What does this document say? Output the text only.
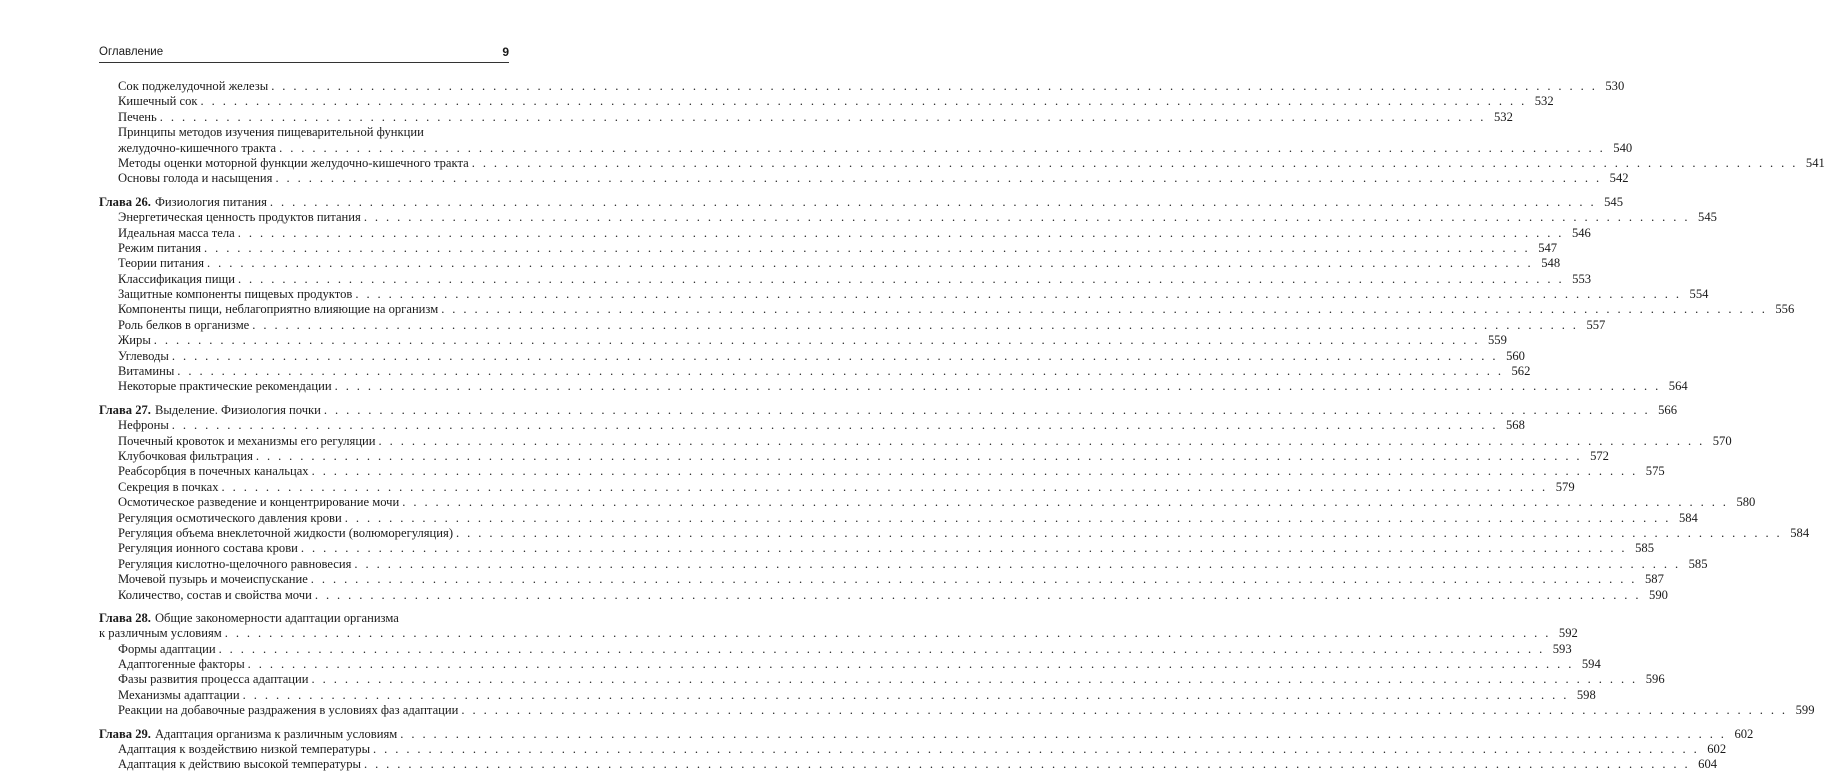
Оглавление	9
Сок поджелудочной железы . . . . . . . . . . . . . . . . . . . . . . . . . . . . . . . . . . . . . . . . . . . . . . . . . . . . . . . . . . . . . . . . . . . . . . . . . . . . . . . . . . . . . . . . . . . . . . . . . . . . . . . . . . . . . . . . . . . . . . . . 530
Кишечный сок . . . . . . . . . . . . . . . . . . . . . . . . . . . . . . . . . . . . . . . . . . . . . . . . . . . . . . . . . . . . . . . . . . . . . . . . . . . . . . . . . . . . . . . . . . . . . . . . . . . . . . . . . . . . . . . . . . . . . . . . 532
Печень . . . . . . . . . . . . . . . . . . . . . . . . . . . . . . . . . . . . . . . . . . . . . . . . . . . . . . . . . . . . . . . . . . . . . . . . . . . . . . . . . . . . . . . . . . . . . . . . . . . . . . . . . . . . . . . . . . . . . . . . 532
Принципы методов изучения пищеварительной функции
желудочно-кишечного тракта . . . . . . . . . . . . . . . . . . . . . . . . . . . . . . . . . . . . . . . . . . . . . . . . . . . . . . . . . . . . . . . . . . . . . . . . . . . . . . . . . . . . . . . . . . . . . . . . . . . . . . . . . . . . . . . . . . . . . . . . 540
Методы оценки моторной функции желудочно-кишечного тракта . . . . . . . . . . . . . . . . . . . . . . . . . . . . . . . . . . . . . . . . . . . . . . . . . . . . . . . . . . . . . . . . . . . . . . . . . . . . . . . . . . . . . . . . . . . . . . . . . . . . . . . . . . . . . . . . . . . . . . . . 541
Основы голода и насыщения . . . . . . . . . . . . . . . . . . . . . . . . . . . . . . . . . . . . . . . . . . . . . . . . . . . . . . . . . . . . . . . . . . . . . . . . . . . . . . . . . . . . . . . . . . . . . . . . . . . . . . . . . . . . . . . . . . . . . . . . 542
Глава 26. Физиология питания . . . . . . . . . . . . . . . . . . . . . . . . . . . . . . . . . . . . . . . . . . . . . . . . . . . . . . . . . . . . . . . . . . . . . . . . . . . . . . . . . . . . . . . . . . . . . . . . . . . . . . . . . . . . . . . . . . . . . . . . 545
Энергетическая ценность продуктов питания . . . . . . . . . . . . . . . . . . . . . . . . . . . . . . . . . . . . . . . . . . . . . . . . . . . . . . . . . . . . . . . . . . . . . . . . . . . . . . . . . . . . . . . . . . . . . . . . . . . . . . . . . . . . . . . . . . . . . . . . 545
Идеальная масса тела . . . . . . . . . . . . . . . . . . . . . . . . . . . . . . . . . . . . . . . . . . . . . . . . . . . . . . . . . . . . . . . . . . . . . . . . . . . . . . . . . . . . . . . . . . . . . . . . . . . . . . . . . . . . . . . . . . . . . . . . 546
Режим питания . . . . . . . . . . . . . . . . . . . . . . . . . . . . . . . . . . . . . . . . . . . . . . . . . . . . . . . . . . . . . . . . . . . . . . . . . . . . . . . . . . . . . . . . . . . . . . . . . . . . . . . . . . . . . . . . . . . . . . . . 547
Теории питания . . . . . . . . . . . . . . . . . . . . . . . . . . . . . . . . . . . . . . . . . . . . . . . . . . . . . . . . . . . . . . . . . . . . . . . . . . . . . . . . . . . . . . . . . . . . . . . . . . . . . . . . . . . . . . . . . . . . . . . . 548
Классификация пищи . . . . . . . . . . . . . . . . . . . . . . . . . . . . . . . . . . . . . . . . . . . . . . . . . . . . . . . . . . . . . . . . . . . . . . . . . . . . . . . . . . . . . . . . . . . . . . . . . . . . . . . . . . . . . . . . . . . . . . . . 553
Защитные компоненты пищевых продуктов . . . . . . . . . . . . . . . . . . . . . . . . . . . . . . . . . . . . . . . . . . . . . . . . . . . . . . . . . . . . . . . . . . . . . . . . . . . . . . . . . . . . . . . . . . . . . . . . . . . . . . . . . . . . . . . . . . . . . . . . 554
Компоненты пищи, неблагоприятно влияющие на организм . . . . . . . . . . . . . . . . . . . . . . . . . . . . . . . . . . . . . . . . . . . . . . . . . . . . . . . . . . . . . . . . . . . . . . . . . . . . . . . . . . . . . . . . . . . . . . . . . . . . . . . . . . . . . . . . . . . . . . . . 556
Роль белков в организме . . . . . . . . . . . . . . . . . . . . . . . . . . . . . . . . . . . . . . . . . . . . . . . . . . . . . . . . . . . . . . . . . . . . . . . . . . . . . . . . . . . . . . . . . . . . . . . . . . . . . . . . . . . . . . . . . . . . . . . . 557
Жиры . . . . . . . . . . . . . . . . . . . . . . . . . . . . . . . . . . . . . . . . . . . . . . . . . . . . . . . . . . . . . . . . . . . . . . . . . . . . . . . . . . . . . . . . . . . . . . . . . . . . . . . . . . . . . . . . . . . . . . . . 559
Углеводы . . . . . . . . . . . . . . . . . . . . . . . . . . . . . . . . . . . . . . . . . . . . . . . . . . . . . . . . . . . . . . . . . . . . . . . . . . . . . . . . . . . . . . . . . . . . . . . . . . . . . . . . . . . . . . . . . . . . . . . . 560
Витамины . . . . . . . . . . . . . . . . . . . . . . . . . . . . . . . . . . . . . . . . . . . . . . . . . . . . . . . . . . . . . . . . . . . . . . . . . . . . . . . . . . . . . . . . . . . . . . . . . . . . . . . . . . . . . . . . . . . . . . . . 562
Некоторые практические рекомендации . . . . . . . . . . . . . . . . . . . . . . . . . . . . . . . . . . . . . . . . . . . . . . . . . . . . . . . . . . . . . . . . . . . . . . . . . . . . . . . . . . . . . . . . . . . . . . . . . . . . . . . . . . . . . . . . . . . . . . . . 564
Глава 27. Выделение. Физиология почки . . . . . . . . . . . . . . . . . . . . . . . . . . . . . . . . . . . . . . . . . . . . . . . . . . . . . . . . . . . . . . . . . . . . . . . . . . . . . . . . . . . . . . . . . . . . . . . . . . . . . . . . . . . . . . . . . . . . . . . . 566
Нефроны . . . . . . . . . . . . . . . . . . . . . . . . . . . . . . . . . . . . . . . . . . . . . . . . . . . . . . . . . . . . . . . . . . . . . . . . . . . . . . . . . . . . . . . . . . . . . . . . . . . . . . . . . . . . . . . . . . . . . . . . 568
Почечный кровоток и механизмы его регуляции . . . . . . . . . . . . . . . . . . . . . . . . . . . . . . . . . . . . . . . . . . . . . . . . . . . . . . . . . . . . . . . . . . . . . . . . . . . . . . . . . . . . . . . . . . . . . . . . . . . . . . . . . . . . . . . . . . . . . . . . 570
Клубочковая фильтрация . . . . . . . . . . . . . . . . . . . . . . . . . . . . . . . . . . . . . . . . . . . . . . . . . . . . . . . . . . . . . . . . . . . . . . . . . . . . . . . . . . . . . . . . . . . . . . . . . . . . . . . . . . . . . . . . . . . . . . . . 572
Реабсорбция в почечных канальцах . . . . . . . . . . . . . . . . . . . . . . . . . . . . . . . . . . . . . . . . . . . . . . . . . . . . . . . . . . . . . . . . . . . . . . . . . . . . . . . . . . . . . . . . . . . . . . . . . . . . . . . . . . . . . . . . . . . . . . . . 575
Секреция в почках . . . . . . . . . . . . . . . . . . . . . . . . . . . . . . . . . . . . . . . . . . . . . . . . . . . . . . . . . . . . . . . . . . . . . . . . . . . . . . . . . . . . . . . . . . . . . . . . . . . . . . . . . . . . . . . . . . . . . . . . 579
Осмотическое разведение и концентрирование мочи . . . . . . . . . . . . . . . . . . . . . . . . . . . . . . . . . . . . . . . . . . . . . . . . . . . . . . . . . . . . . . . . . . . . . . . . . . . . . . . . . . . . . . . . . . . . . . . . . . . . . . . . . . . . . . . . . . . . . . . . 580
Регуляция осмотического давления крови . . . . . . . . . . . . . . . . . . . . . . . . . . . . . . . . . . . . . . . . . . . . . . . . . . . . . . . . . . . . . . . . . . . . . . . . . . . . . . . . . . . . . . . . . . . . . . . . . . . . . . . . . . . . . . . . . . . . . . . . 584
Регуляция объема внеклеточной жидкости (волюморегуляция) . . . . . . . . . . . . . . . . . . . . . . . . . . . . . . . . . . . . . . . . . . . . . . . . . . . . . . . . . . . . . . . . . . . . . . . . . . . . . . . . . . . . . . . . . . . . . . . . . . . . . . . . . . . . . . . . . . . . . . . . 584
Регуляция ионного состава крови . . . . . . . . . . . . . . . . . . . . . . . . . . . . . . . . . . . . . . . . . . . . . . . . . . . . . . . . . . . . . . . . . . . . . . . . . . . . . . . . . . . . . . . . . . . . . . . . . . . . . . . . . . . . . . . . . . . . . . . . 585
Регуляция кислотно-щелочного равновесия . . . . . . . . . . . . . . . . . . . . . . . . . . . . . . . . . . . . . . . . . . . . . . . . . . . . . . . . . . . . . . . . . . . . . . . . . . . . . . . . . . . . . . . . . . . . . . . . . . . . . . . . . . . . . . . . . . . . . . . . 585
Мочевой пузырь и мочеиспускание . . . . . . . . . . . . . . . . . . . . . . . . . . . . . . . . . . . . . . . . . . . . . . . . . . . . . . . . . . . . . . . . . . . . . . . . . . . . . . . . . . . . . . . . . . . . . . . . . . . . . . . . . . . . . . . . . . . . . . . . 587
Количество, состав и свойства мочи . . . . . . . . . . . . . . . . . . . . . . . . . . . . . . . . . . . . . . . . . . . . . . . . . . . . . . . . . . . . . . . . . . . . . . . . . . . . . . . . . . . . . . . . . . . . . . . . . . . . . . . . . . . . . . . . . . . . . . . . 590
Глава 28. Общие закономерности адаптации организма
к различным условиям . . . . . . . . . . . . . . . . . . . . . . . . . . . . . . . . . . . . . . . . . . . . . . . . . . . . . . . . . . . . . . . . . . . . . . . . . . . . . . . . . . . . . . . . . . . . . . . . . . . . . . . . . . . . . . . . . . . . . . . . 592
Формы адаптации . . . . . . . . . . . . . . . . . . . . . . . . . . . . . . . . . . . . . . . . . . . . . . . . . . . . . . . . . . . . . . . . . . . . . . . . . . . . . . . . . . . . . . . . . . . . . . . . . . . . . . . . . . . . . . . . . . . . . . . . 593
Адаптогенные факторы . . . . . . . . . . . . . . . . . . . . . . . . . . . . . . . . . . . . . . . . . . . . . . . . . . . . . . . . . . . . . . . . . . . . . . . . . . . . . . . . . . . . . . . . . . . . . . . . . . . . . . . . . . . . . . . . . . . . . . . . 594
Фазы развития процесса адаптации . . . . . . . . . . . . . . . . . . . . . . . . . . . . . . . . . . . . . . . . . . . . . . . . . . . . . . . . . . . . . . . . . . . . . . . . . . . . . . . . . . . . . . . . . . . . . . . . . . . . . . . . . . . . . . . . . . . . . . . . 596
Механизмы адаптации . . . . . . . . . . . . . . . . . . . . . . . . . . . . . . . . . . . . . . . . . . . . . . . . . . . . . . . . . . . . . . . . . . . . . . . . . . . . . . . . . . . . . . . . . . . . . . . . . . . . . . . . . . . . . . . . . . . . . . . . 598
Реакции на добавочные раздражения в условиях фаз адаптации . . . . . . . . . . . . . . . . . . . . . . . . . . . . . . . . . . . . . . . . . . . . . . . . . . . . . . . . . . . . . . . . . . . . . . . . . . . . . . . . . . . . . . . . . . . . . . . . . . . . . . . . . . . . . . . . . . . . . . . . 599
Глава 29. Адаптация организма к различным условиям . . . . . . . . . . . . . . . . . . . . . . . . . . . . . . . . . . . . . . . . . . . . . . . . . . . . . . . . . . . . . . . . . . . . . . . . . . . . . . . . . . . . . . . . . . . . . . . . . . . . . . . . . . . . . . . . . . . . . . . . 602
Адаптация к воздействию низкой температуры . . . . . . . . . . . . . . . . . . . . . . . . . . . . . . . . . . . . . . . . . . . . . . . . . . . . . . . . . . . . . . . . . . . . . . . . . . . . . . . . . . . . . . . . . . . . . . . . . . . . . . . . . . . . . . . . . . . . . . . . 602
Адаптация к действию высокой температуры . . . . . . . . . . . . . . . . . . . . . . . . . . . . . . . . . . . . . . . . . . . . . . . . . . . . . . . . . . . . . . . . . . . . . . . . . . . . . . . . . . . . . . . . . . . . . . . . . . . . . . . . . . . . . . . . . . . . . . . . 604
